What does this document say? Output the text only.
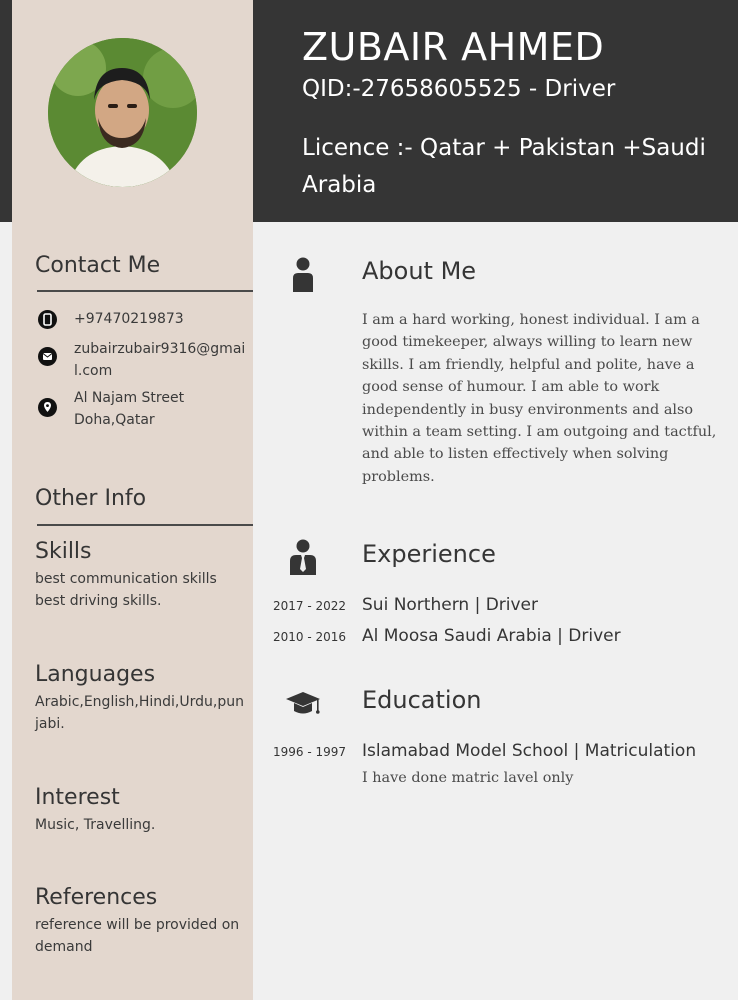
ZUBAIR AHMED
QID:-27658605525 - Driver
Licence :- Qatar + Pakistan +Saudi Arabia
Contact Me
+97470219873
zubairzubair9316@gmail.com
Al Najam Street Doha,Qatar
Other Info
Skills
best communication skills best driving skills.
Languages
Arabic,English,Hindi,Urdu,punjabi.
Interest
Music, Travelling.
References
reference will be provided on demand
About Me
I am a hard working, honest individual. I am a good timekeeper, always willing to learn new skills. I am friendly, helpful and polite, have a good sense of humour. I am able to work independently in busy environments and also within a team setting. I am outgoing and tactful, and able to listen effectively when solving problems.
Experience
2017 - 2022 Sui Northern | Driver
2010 - 2016 Al Moosa Saudi Arabia | Driver
Education
1996 - 1997 Islamabad Model School | Matriculation
I have done matric lavel only
